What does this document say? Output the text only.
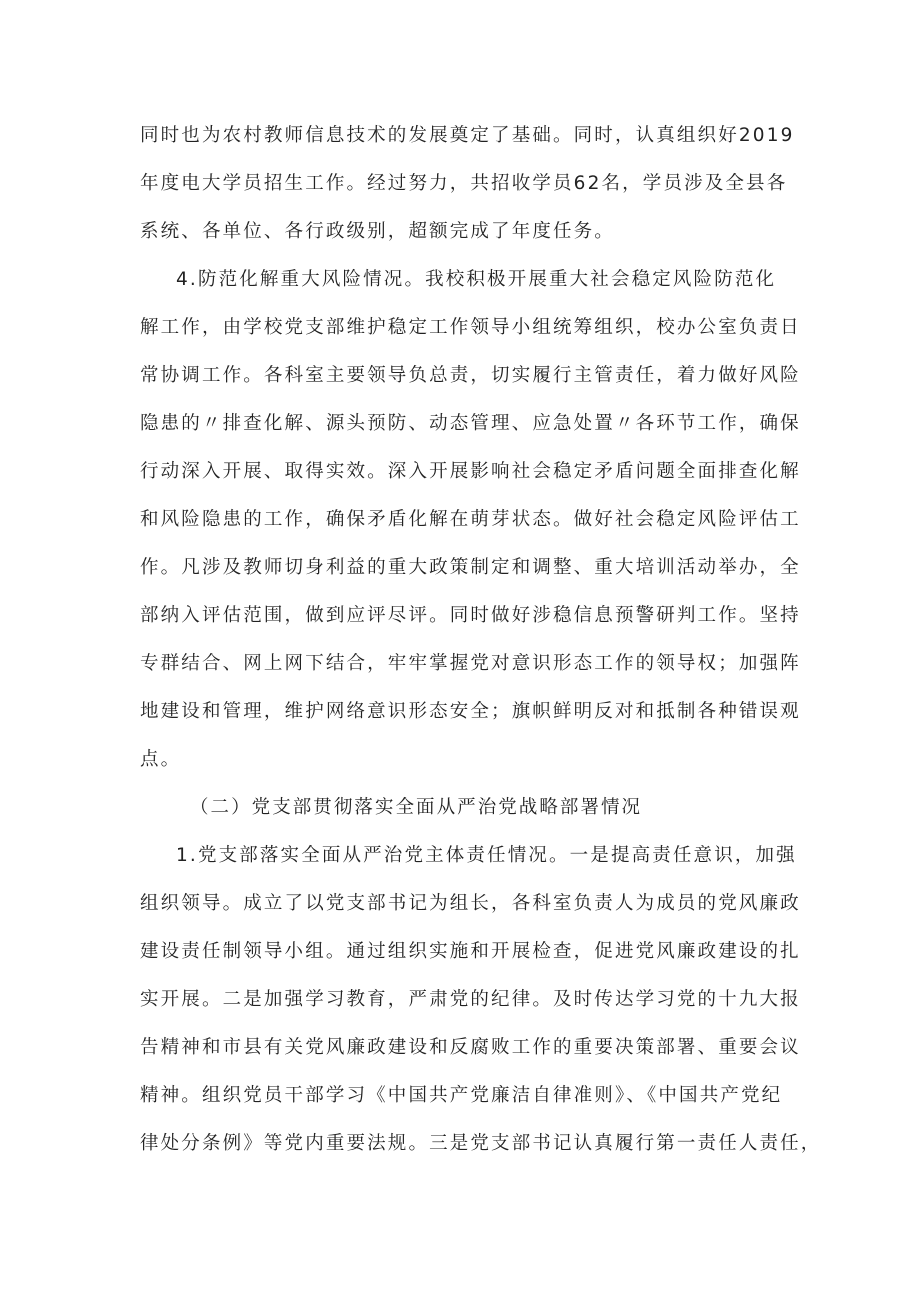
同时也为农村教师信息技术的发展奠定了基础。同时，认真组织好2019
年度电大学员招生工作。经过努力，共招收学员62名，学员涉及全县各
系统、各单位、各行政级别，超额完成了年度任务。
4.防范化解重大风险情况。我校积极开展重大社会稳定风险防范化
解工作，由学校党支部维护稳定工作领导小组统筹组织，校办公室负责日
常协调工作。各科室主要领导负总责，切实履行主管责任，着力做好风险
隐患的〃排查化解、源头预防、动态管理、应急处置〃各环节工作，确保
行动深入开展、取得实效。深入开展影响社会稳定矛盾问题全面排查化解
和风险隐患的工作，确保矛盾化解在萌芽状态。做好社会稳定风险评估工
作。凡涉及教师切身利益的重大政策制定和调整、重大培训活动举办，全
部纳入评估范围，做到应评尽评。同时做好涉稳信息预警研判工作。坚持
专群结合、网上网下结合，牢牢掌握党对意识形态工作的领导权；加强阵
地建设和管理，维护网络意识形态安全；旗帜鲜明反对和抵制各种错误观
点。
（二）党支部贯彻落实全面从严治党战略部署情况
1.党支部落实全面从严治党主体责任情况。一是提高责任意识，加强
组织领导。成立了以党支部书记为组长，各科室负责人为成员的党风廉政
建设责任制领导小组。通过组织实施和开展检查，促进党风廉政建设的扎
实开展。二是加强学习教育，严肃党的纪律。及时传达学习党的十九大报
告精神和市县有关党风廉政建设和反腐败工作的重要决策部署、重要会议
精神。组织党员干部学习《中国共产党廉洁自律准则》、《中国共产党纪
律处分条例》等党内重要法规。三是党支部书记认真履行第一责任人责任，
